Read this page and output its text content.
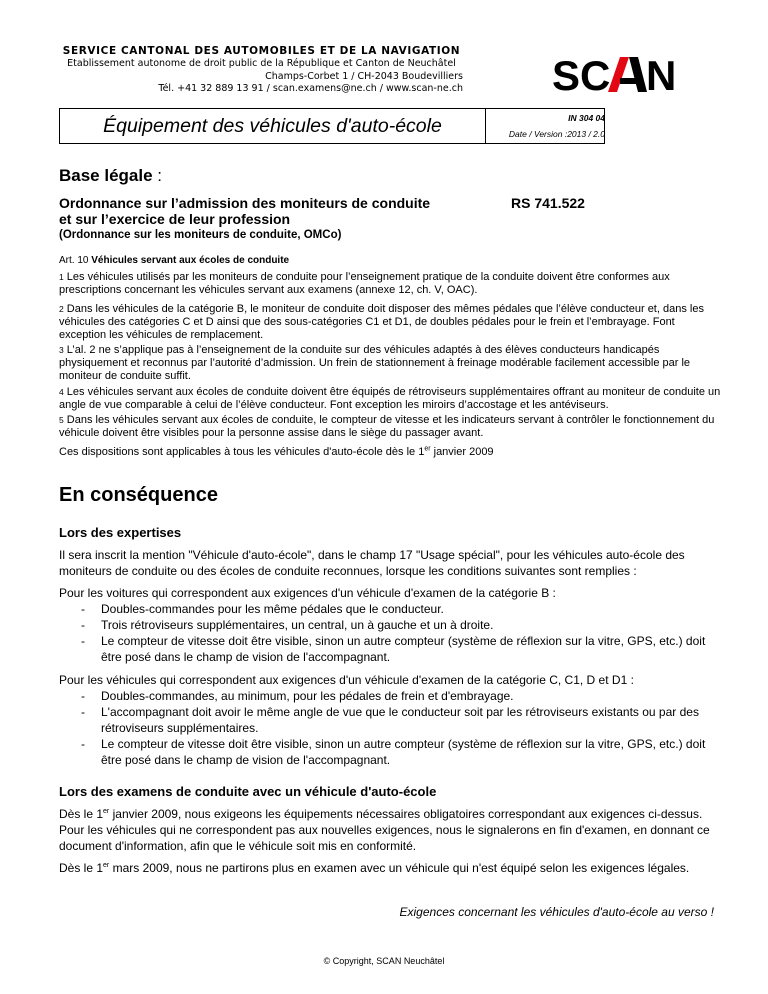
SERVICE CANTONAL DES AUTOMOBILES ET DE LA NAVIGATION
Etablissement autonome de droit public de la République et Canton de Neuchâtel
Champs-Corbet 1 / CH-2043 Boudevilliers
Tél. +41 32 889 13 91 / scan.examens@ne.ch / www.scan-ne.ch SC N
Équipement des véhicules d'auto-école	IN 304 04
Date / Version :2013 / 2.0
Base légale :
Ordonnance sur l’admission des moniteurs de conduite
et sur l’exercice de leur profession
RS 741.522
(Ordonnance sur les moniteurs de conduite, OMCo)
Art. 10 Véhicules servant aux écoles de conduite
1 Les véhicules utilisés par les moniteurs de conduite pour l’enseignement pratique de la conduite doivent être conformes aux prescriptions concernant les véhicules servant aux examens (annexe 12, ch. V, OAC).
2 Dans les véhicules de la catégorie B, le moniteur de conduite doit disposer des mêmes pédales que l’élève conducteur et, dans les véhicules des catégories C et D ainsi que des sous-catégories C1 et D1, de doubles pédales pour le frein et l’embrayage. Font exception les véhicules de remplacement.
3 L’al. 2 ne s’applique pas à l’enseignement de la conduite sur des véhicules adaptés à des élèves conducteurs handicapés physiquement et reconnus par l’autorité d’admission. Un frein de stationnement à freinage modérable facilement accessible par le moniteur de conduite suffit.
4 Les véhicules servant aux écoles de conduite doivent être équipés de rétroviseurs supplémentaires offrant au moniteur de conduite un angle de vue comparable à celui de l’élève conducteur. Font exception les miroirs d’accostage et les antéviseurs.
5 Dans les véhicules servant aux écoles de conduite, le compteur de vitesse et les indicateurs servant à contrôler le fonctionnement du véhicule doivent être visibles pour la personne assise dans le siège du passager avant.
Ces dispositions sont applicables à tous les véhicules d'auto-école dès le 1er janvier 2009
En conséquence
Lors des expertises
Il sera inscrit la mention "Véhicule d'auto-école", dans le champ 17 "Usage spécial", pour les véhicules auto-école des moniteurs de conduite ou des écoles de conduite reconnues, lorsque les conditions suivantes sont remplies :
Pour les voitures qui correspondent aux exigences d'un véhicule d'examen de la catégorie B :
- Doubles-commandes pour les même pédales que le conducteur.
- Trois rétroviseurs supplémentaires, un central, un à gauche et un à droite.
- Le compteur de vitesse doit être visible, sinon un autre compteur (système de réflexion sur la vitre, GPS, etc.) doit être posé dans le champ de vision de l'accompagnant.
Pour les véhicules qui correspondent aux exigences d'un véhicule d'examen de la catégorie C, C1, D et D1 :
- Doubles-commandes, au minimum, pour les pédales de frein et d'embrayage.
- L'accompagnant doit avoir le même angle de vue que le conducteur soit par les rétroviseurs existants ou par des rétroviseurs supplémentaires.
- Le compteur de vitesse doit être visible, sinon un autre compteur (système de réflexion sur la vitre, GPS, etc.) doit être posé dans le champ de vision de l'accompagnant.
Lors des examens de conduite avec un véhicule d'auto-école
Dès le 1er janvier 2009, nous exigeons les équipements nécessaires obligatoires correspondant aux exigences ci-dessus. Pour les véhicules qui ne correspondent pas aux nouvelles exigences, nous le signalerons en fin d'examen, en donnant ce document d'information, afin que le véhicule soit mis en conformité.
Dès le 1er mars 2009, nous ne partirons plus en examen avec un véhicule qui n'est équipé selon les exigences légales.
Exigences concernant les véhicules d'auto-école au verso !
© Copyright, SCAN Neuchâtel
